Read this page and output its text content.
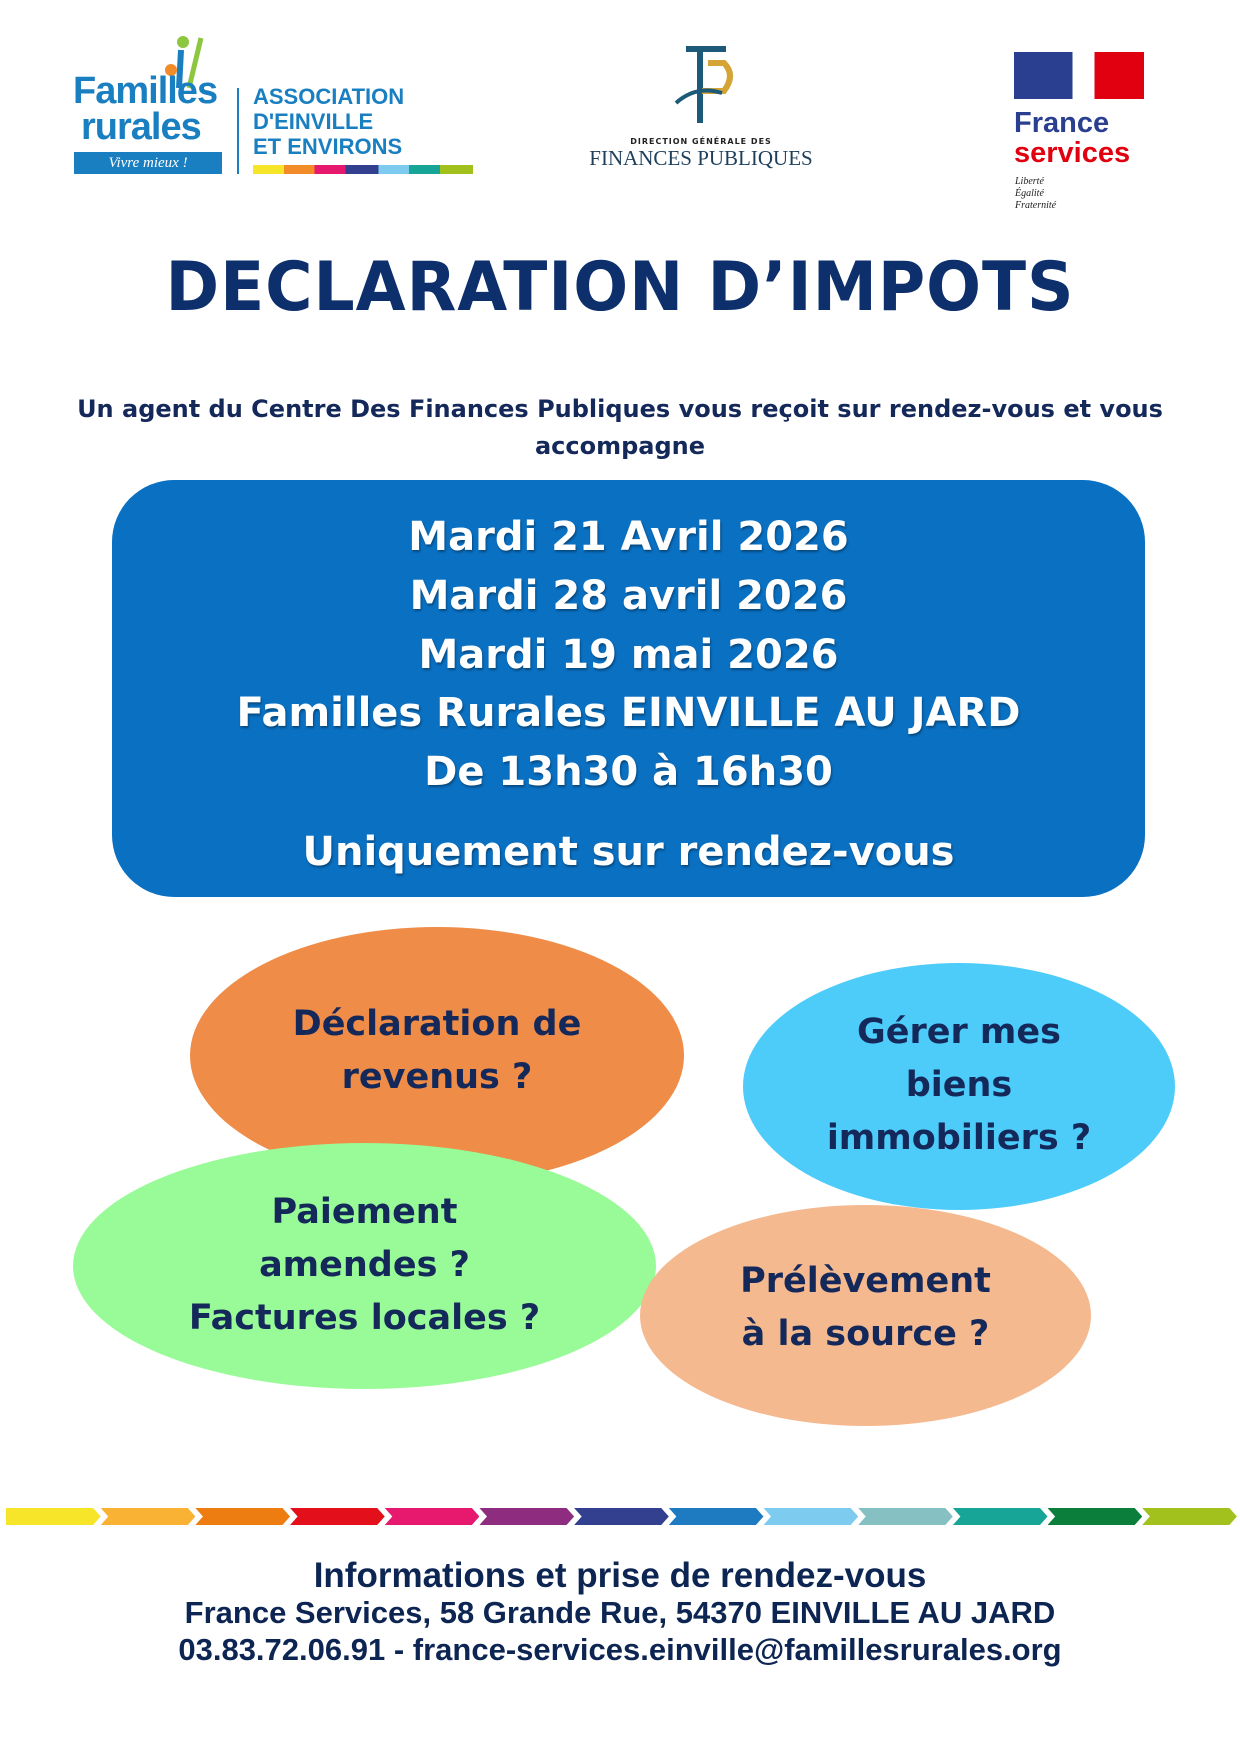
Familles
rurales
Vivre mieux !
ASSOCIATION
D'EINVILLE
ET ENVIRONS	DIRECTION GÉNÉRALE DES
FINANCES PUBLIQUES
France
services
Liberté
Égalité
Fraternité
DECLARATION D’IMPOTS
Un agent du Centre Des Finances Publiques vous reçoit sur rendez-vous et vous
accompagne
Mardi 21 Avril 2026
Mardi 28 avril 2026
Mardi 19 mai 2026
Familles Rurales EINVILLE AU JARD
De 13h30 à 16h30
Uniquement sur rendez-vous
Déclaration de
revenus ?
Gérer mes
biens
immobiliers ?
Paiement
amendes ?
Factures locales ?
Prélèvement
à la source ?
Informations et prise de rendez-vous
France Services, 58 Grande Rue, 54370 EINVILLE AU JARD
03.83.72.06.91 - france-services.einville@famillesrurales.org
